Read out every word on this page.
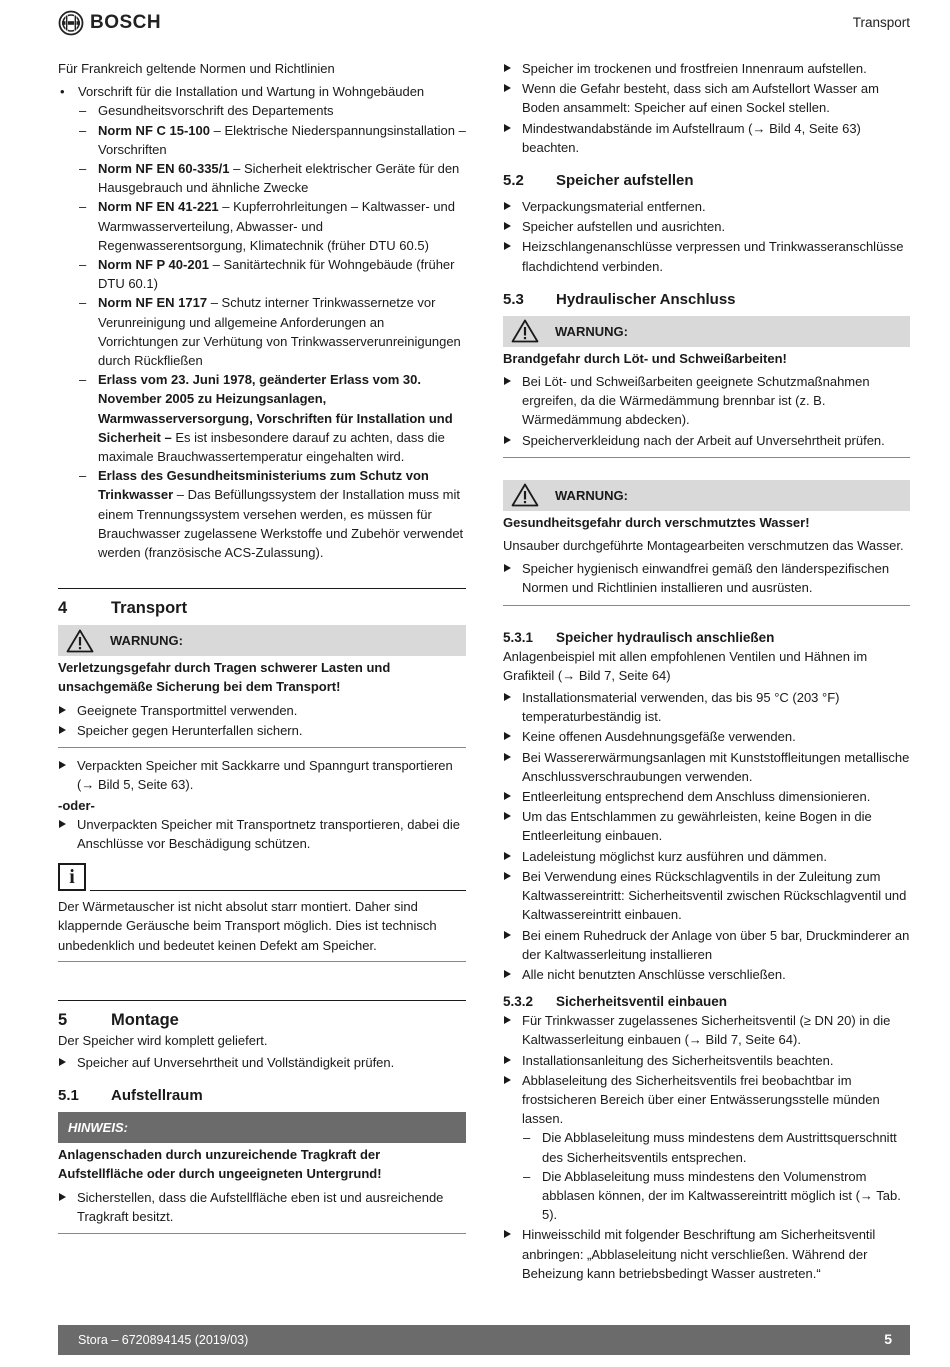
BOSCH	Transport

Für Frankreich geltende Normen und Richtlinien

• Vorschrift für die Installation und Wartung in Wohngebäuden
– Gesundheitsvorschrift des Departements
– Norm NF C 15-100 – Elektrische Niederspannungsinstallation – Vorschriften
– Norm NF EN 60-335/1 – Sicherheit elektrischer Geräte für den Hausgebrauch und ähnliche Zwecke
– Norm NF EN 41-221 – Kupferrohrleitungen – Kaltwasser- und Warmwasserverteilung, Abwasser- und Regenwasserentsorgung, Klimatechnik (früher DTU 60.5)
– Norm NF P 40-201 – Sanitärtechnik für Wohngebäude (früher DTU 60.1)
– Norm NF EN 1717 – Schutz interner Trinkwassernetze vor Verunreinigung und allgemeine Anforderungen an Vorrichtungen zur Verhütung von Trinkwasserverunreinigungen durch Rückfließen
– Erlass vom 23. Juni 1978, geänderter Erlass vom 30. November 2005 zu Heizungsanlagen, Warmwasserversorgung, Vorschriften für Installation und Sicherheit – Es ist insbesondere darauf zu achten, dass die maximale Brauchwassertemperatur eingehalten wird.
– Erlass des Gesundheitsministeriums zum Schutz von Trinkwasser – Das Befüllungssystem der Installation muss mit einem Trennungssystem versehen werden, es müssen für Brauchwasser zugelassene Werkstoffe und Zubehör verwendet werden (französische ACS-Zulassung).
4	Transport
WARNUNG:

Verletzungsgefahr durch Tragen schwerer Lasten und unsachgemäße Sicherung bei dem Transport!

Geeignete Transportmittel verwenden.
Speicher gegen Herunterfallen sichern.
Verpackten Speicher mit Sackkarre und Spanngurt transportieren (→ Bild 5, Seite 63).

-oder-

Unverpackten Speicher mit Transportnetz transportieren, dabei die Anschlüsse vor Beschädigung schützen.
i

Der Wärmetauscher ist nicht absolut starr montiert. Daher sind klappernde Geräusche beim Transport möglich. Dies ist technisch unbedenklich und bedeutet keinen Defekt am Speicher.

5	Montage

Der Speicher wird komplett geliefert.

Speicher auf Unversehrtheit und Vollständigkeit prüfen.
5.1	Aufstellraum
HINWEIS:

Anlagenschaden durch unzureichende Tragkraft der Aufstellfläche oder durch ungeeigneten Untergrund!

Sicherstellen, dass die Aufstellfläche eben ist und ausreichende Tragkraft besitzt.
Speicher im trockenen und frostfreien Innenraum aufstellen.
Wenn die Gefahr besteht, dass sich am Aufstellort Wasser am Boden ansammelt: Speicher auf einen Sockel stellen.
Mindestwandabstände im Aufstellraum (→ Bild 4, Seite 63) beachten.
5.2	Speicher aufstellen
Verpackungsmaterial entfernen.
Speicher aufstellen und ausrichten.
Heizschlangenanschlüsse verpressen und Trinkwasseranschlüsse flachdichtend verbinden.
5.3	Hydraulischer Anschluss
WARNUNG:

Brandgefahr durch Löt- und Schweißarbeiten!

Bei Löt- und Schweißarbeiten geeignete Schutzmaßnahmen ergreifen, da die Wärmedämmung brennbar ist (z. B. Wärmedämmung abdecken).
Speicherverkleidung nach der Arbeit auf Unversehrtheit prüfen.
WARNUNG:

Gesundheitsgefahr durch verschmutztes Wasser!

Unsauber durchgeführte Montagearbeiten verschmutzen das Wasser.

Speicher hygienisch einwandfrei gemäß den länderspezifischen Normen und Richtlinien installieren und ausrüsten.
5.3.1	Speicher hydraulisch anschließen

Anlagenbeispiel mit allen empfohlenen Ventilen und Hähnen im Grafikteil (→ Bild 7, Seite 64)

Installationsmaterial verwenden, das bis 95 °C (203 °F) temperaturbeständig ist.
Keine offenen Ausdehnungsgefäße verwenden.
Bei Wassererwärmungsanlagen mit Kunststoffleitungen metallische Anschlussverschraubungen verwenden.
Entleerleitung entsprechend dem Anschluss dimensionieren.
Um das Entschlammen zu gewährleisten, keine Bogen in die Entleerleitung einbauen.
Ladeleistung möglichst kurz ausführen und dämmen.
Bei Verwendung eines Rückschlagventils in der Zuleitung zum Kaltwassereintritt: Sicherheitsventil zwischen Rückschlagventil und Kaltwassereintritt einbauen.
Bei einem Ruhedruck der Anlage von über 5 bar, Druckminderer an der Kaltwasserleitung installieren
Alle nicht benutzten Anschlüsse verschließen.
5.3.2	Sicherheitsventil einbauen
Für Trinkwasser zugelassenes Sicherheitsventil (≥ DN 20) in die Kaltwasserleitung einbauen (→ Bild 7, Seite 64).
Installationsanleitung des Sicherheitsventils beachten.
Abblaseleitung des Sicherheitsventils frei beobachtbar im frostsicheren Bereich über einer Entwässerungsstelle münden lassen.
– Die Abblaseleitung muss mindestens dem Austrittsquerschnitt des Sicherheitsventils entsprechen.
– Die Abblaseleitung muss mindestens den Volumenstrom abblasen können, der im Kaltwassereintritt möglich ist (→ Tab. 5).
Hinweisschild mit folgender Beschriftung am Sicherheitsventil anbringen: „Abblaseleitung nicht verschließen. Während der Beheizung kann betriebsbedingt Wasser austreten.“
Stora – 6720894145 (2019/03)	5
